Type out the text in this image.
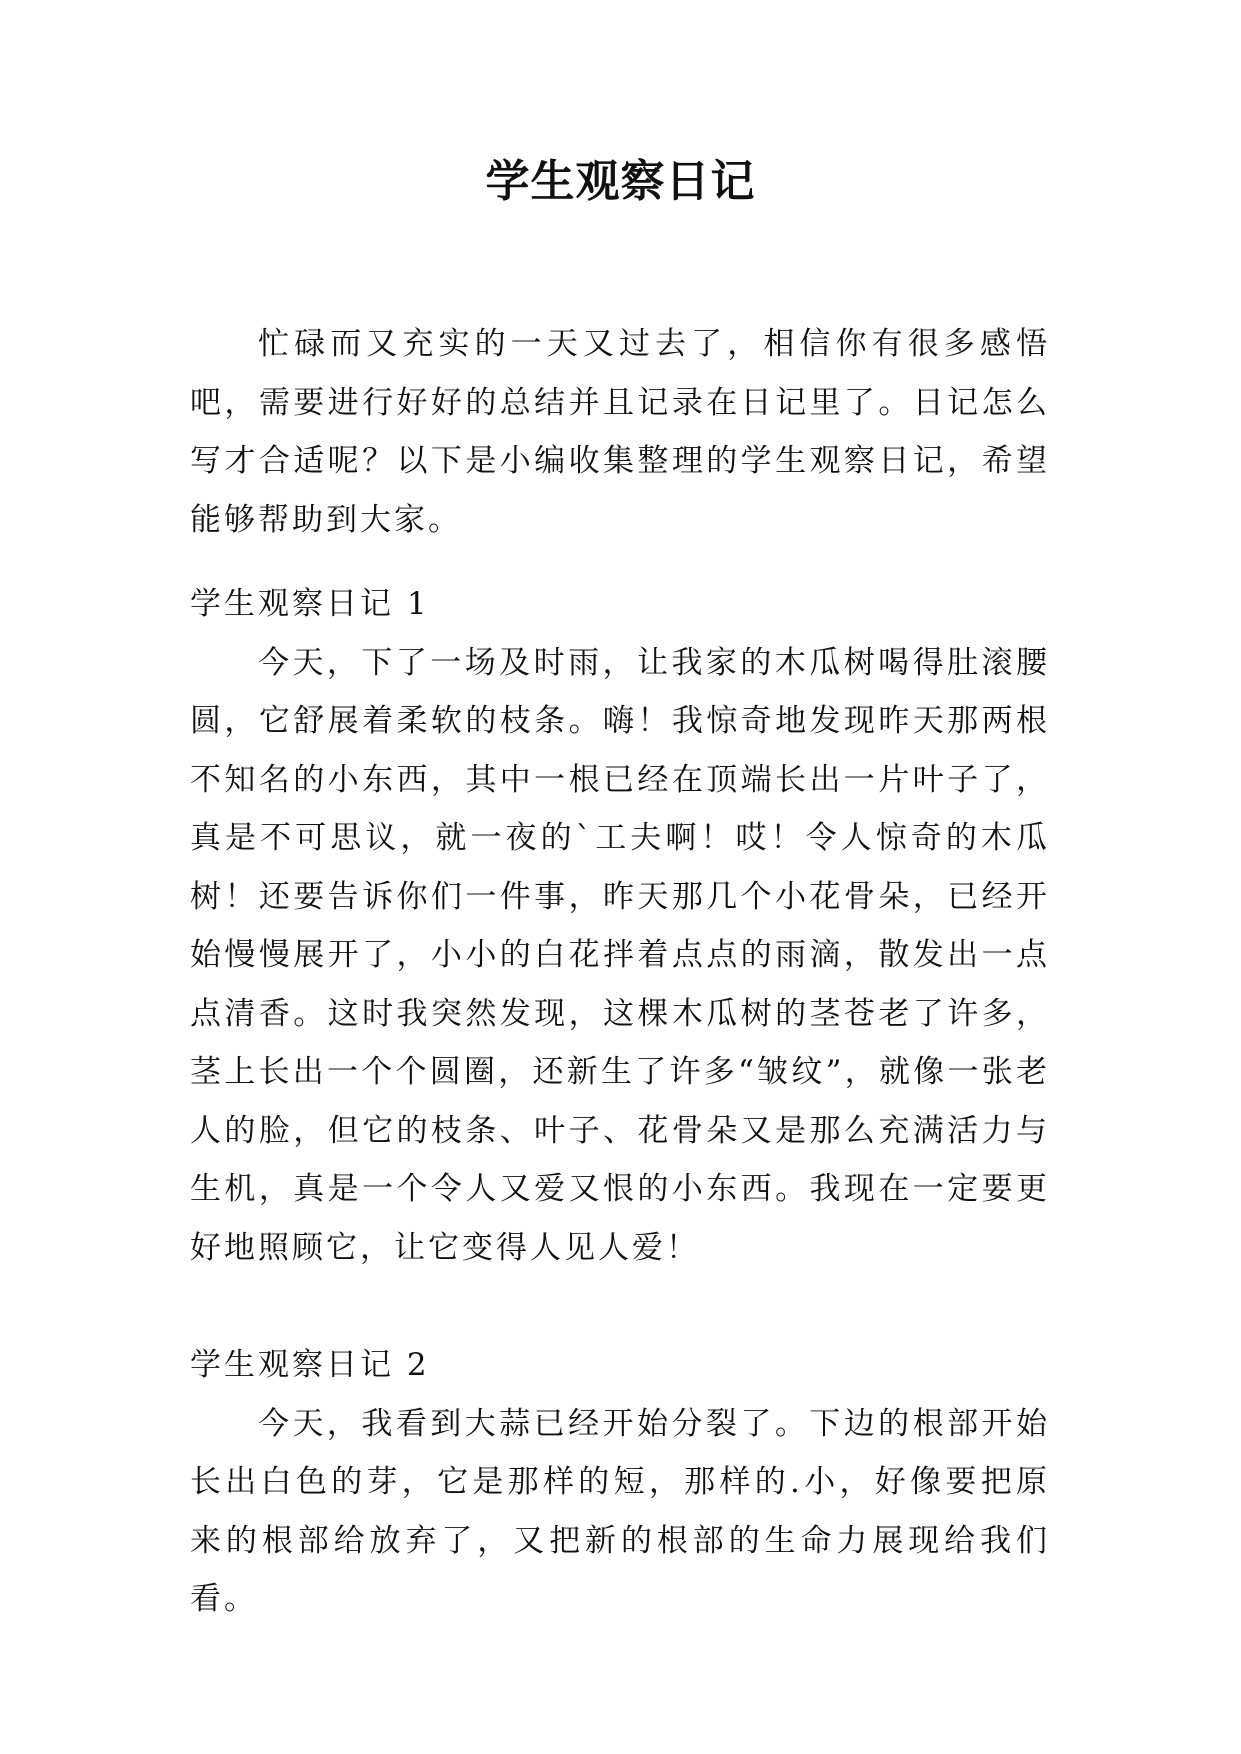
学生观察日记

忙碌而又充实的一天又过去了，相信你有很多感悟吧，需要进行好好的总结并且记录在日记里了。日记怎么写才合适呢？以下是小编收集整理的学生观察日记，希望能够帮助到大家。

学生观察日记 1

今天，下了一场及时雨，让我家的木瓜树喝得肚滚腰圆，它舒展着柔软的枝条。嗨！我惊奇地发现昨天那两根不知名的小东西，其中一根已经在顶端长出一片叶子了，真是不可思议，就一夜的`工夫啊！哎！令人惊奇的木瓜树！还要告诉你们一件事，昨天那几个小花骨朵，已经开始慢慢展开了，小小的白花拌着点点的雨滴，散发出一点点清香。这时我突然发现，这棵木瓜树的茎苍老了许多，茎上长出一个个圆圈，还新生了许多“皱纹”，就像一张老人的脸，但它的枝条、叶子、花骨朵又是那么充满活力与生机，真是一个令人又爱又恨的小东西。我现在一定要更好地照顾它，让它变得人见人爱！

学生观察日记 2

今天，我看到大蒜已经开始分裂了。下边的根部开始长出白色的芽，它是那样的短，那样的.小，好像要把原来的根部给放弃了，又把新的根部的生命力展现给我们看。
